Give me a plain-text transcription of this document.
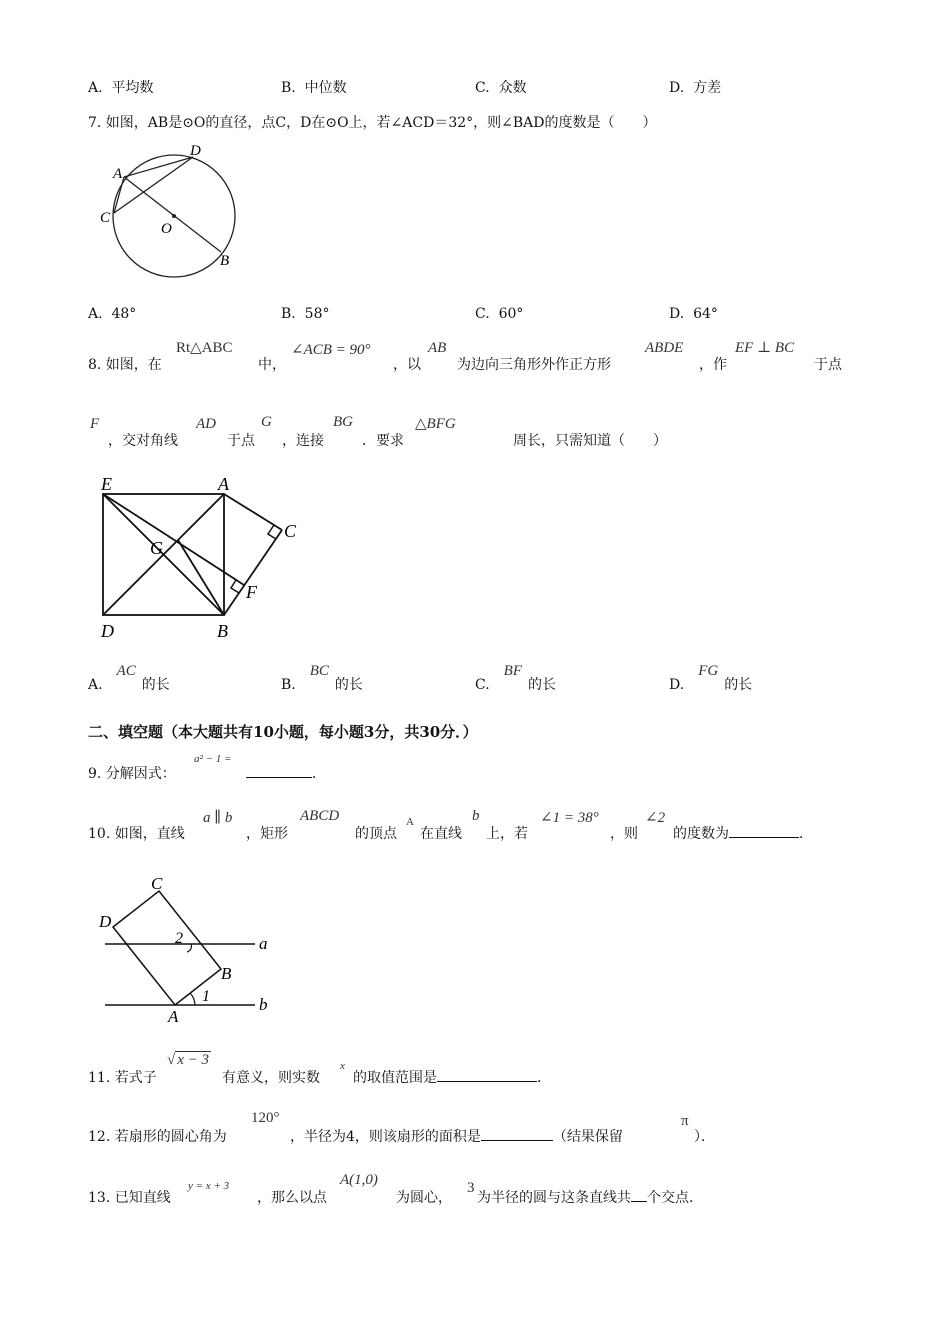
A. 平均数	B. 中位数	C. 众数	D. 方差
7. 如图，AB是⊙O的直径，点C，D在⊙O上，若∠ACD＝32°，则∠BAD的度数是（　　）
D
A
C
O
B
A. 48°	B. 58°	C. 60°	D. 64°
8. 如图，在
Rt△ABC
中，
∠ACB = 90°
，以
AB
为边向三角形外作正方形
ABDE
，作
EF ⊥ BC
于点
F
，交对角线
AD
于点
G
，连接
BG
．要求
△BFG
周长，只需知道（　　）
E	A
C
G
F
D	B
A.AC的长	B.BC的长	C.BF的长	D.FG的长
二、填空题（本大题共有10小题，每小题3分，共30分．）
9. 分解因式：
a² − 1 =
．
10. 如图，直线
a ∥ b
，矩形
ABCD
的顶点
A
在直线
b
上，若
∠1 = 38°
，则
∠2
的度数为	．
C
D
2	a
B
1	b
A
11. 若式子
√ x − 3
有意义，则实数
x
的取值范围是	．
12. 若扇形的圆心角为
120°
，半径为4，则该扇形的面积是	（结果保留
π
）．
13. 已知直线
y = x + 3
，那么以点
A(1,0)
为圆心，
3
为半径的圆与这条直线共 个交点．
